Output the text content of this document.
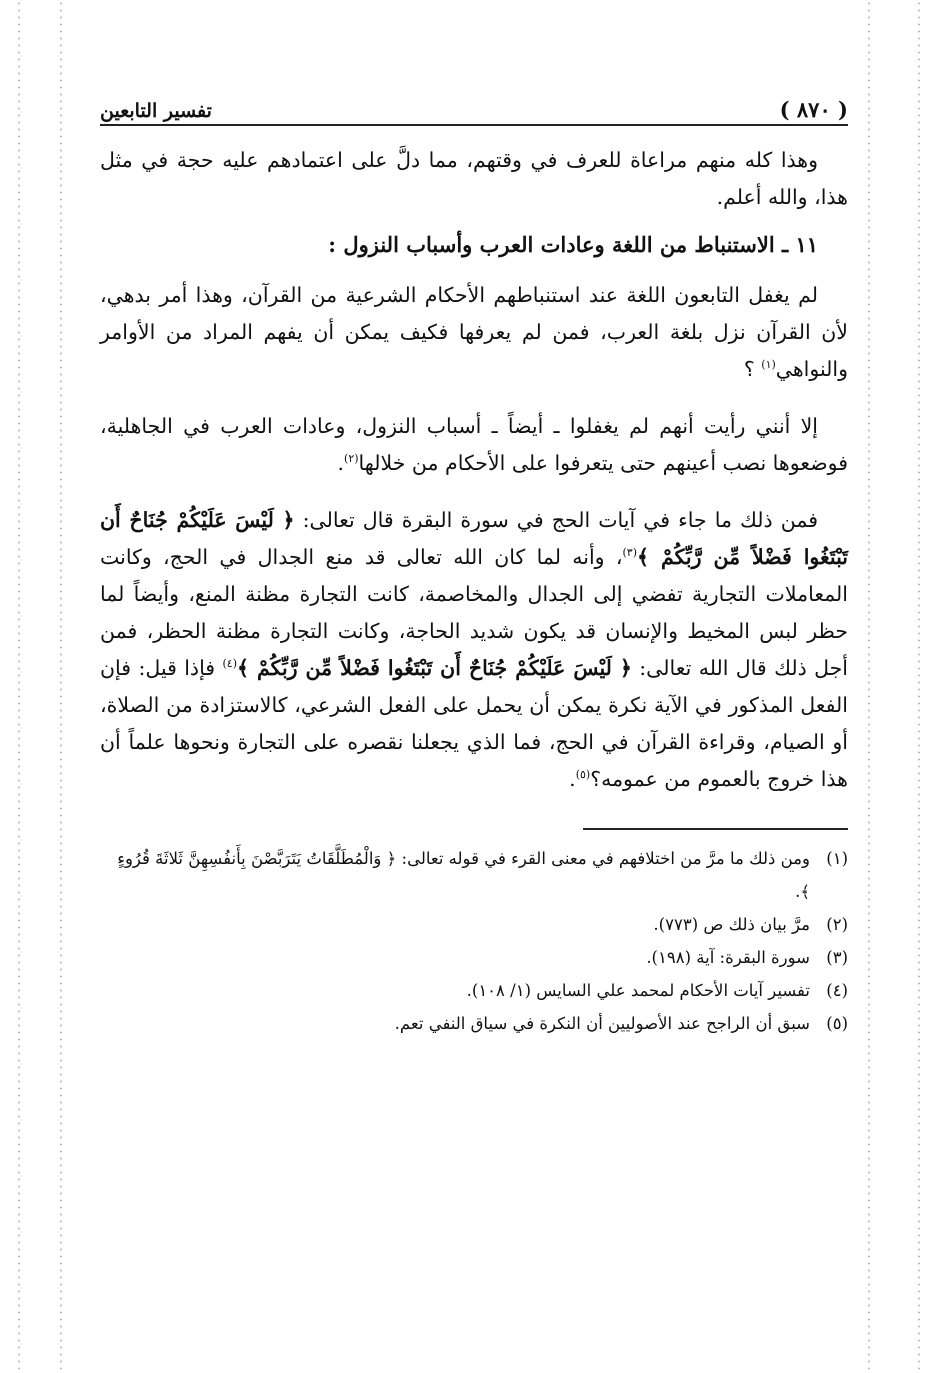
( ٨٧٠ )
تفسير التابعين

وهذا كله منهم مراعاة للعرف في وقتهم، مما دلَّ على اعتمادهم عليه حجة في مثل هذا، والله أعلم.

١١ ـ الاستنباط من اللغة وعادات العرب وأسباب النزول :

لم يغفل التابعون اللغة عند استنباطهم الأحكام الشرعية من القرآن، وهذا أمر بدهي، لأن القرآن نزل بلغة العرب، فمن لم يعرفها فكيف يمكن أن يفهم المراد من الأوامر والنواهي$^{(١)}$ ؟

إلا أنني رأيت أنهم لم يغفلوا ـ أيضاً ـ أسباب النزول، وعادات العرب في الجاهلية، فوضعوها نصب أعينهم حتى يتعرفوا على الأحكام من خلالها$^{(٢)}$.

فمن ذلك ما جاء في آيات الحج في سورة البقرة قال تعالى: ﴿ لَيْسَ عَلَيْكُمْ جُنَاحٌ أَن تَبْتَغُوا فَضْلاً مِّن رَّبِّكُمْ ﴾$^{(٣)}$، وأنه لما كان الله تعالى قد منع الجدال في الحج، وكانت المعاملات التجارية تفضي إلى الجدال والمخاصمة، كانت التجارة مظنة المنع، وأيضاً لما حظر لبس المخيط والإنسان قد يكون شديد الحاجة، وكانت التجارة مظنة الحظر، فمن أجل ذلك قال الله تعالى: ﴿ لَيْسَ عَلَيْكُمْ جُنَاحٌ أَن تَبْتَغُوا فَضْلاً مِّن رَّبِّكُمْ ﴾$^{(٤)}$ فإذا قيل: فإن الفعل المذكور في الآية نكرة يمكن أن يحمل على الفعل الشرعي، كالاستزادة من الصلاة، أو الصيام، وقراءة القرآن في الحج، فما الذي يجعلنا نقصره على التجارة ونحوها علماً أن هذا خروج بالعموم من عمومه؟$^{(٥)}$.

(١)
ومن ذلك ما مرَّ من اختلافهم في معنى القرء في قوله تعالى: ﴿ وَالْمُطَلَّقَاتُ يَتَرَبَّصْنَ بِأَنفُسِهِنَّ ثَلاثَةَ قُرُوءٍ ﴾.
(٢)
مرَّ بيان ذلك ص (٧٧٣).
(٣)
سورة البقرة: آية (١٩٨).
(٤)
تفسير آيات الأحكام لمحمد علي السايس (١/ ١٠٨).
(٥)
سبق أن الراجح عند الأصوليين أن النكرة في سياق النفي تعم.
